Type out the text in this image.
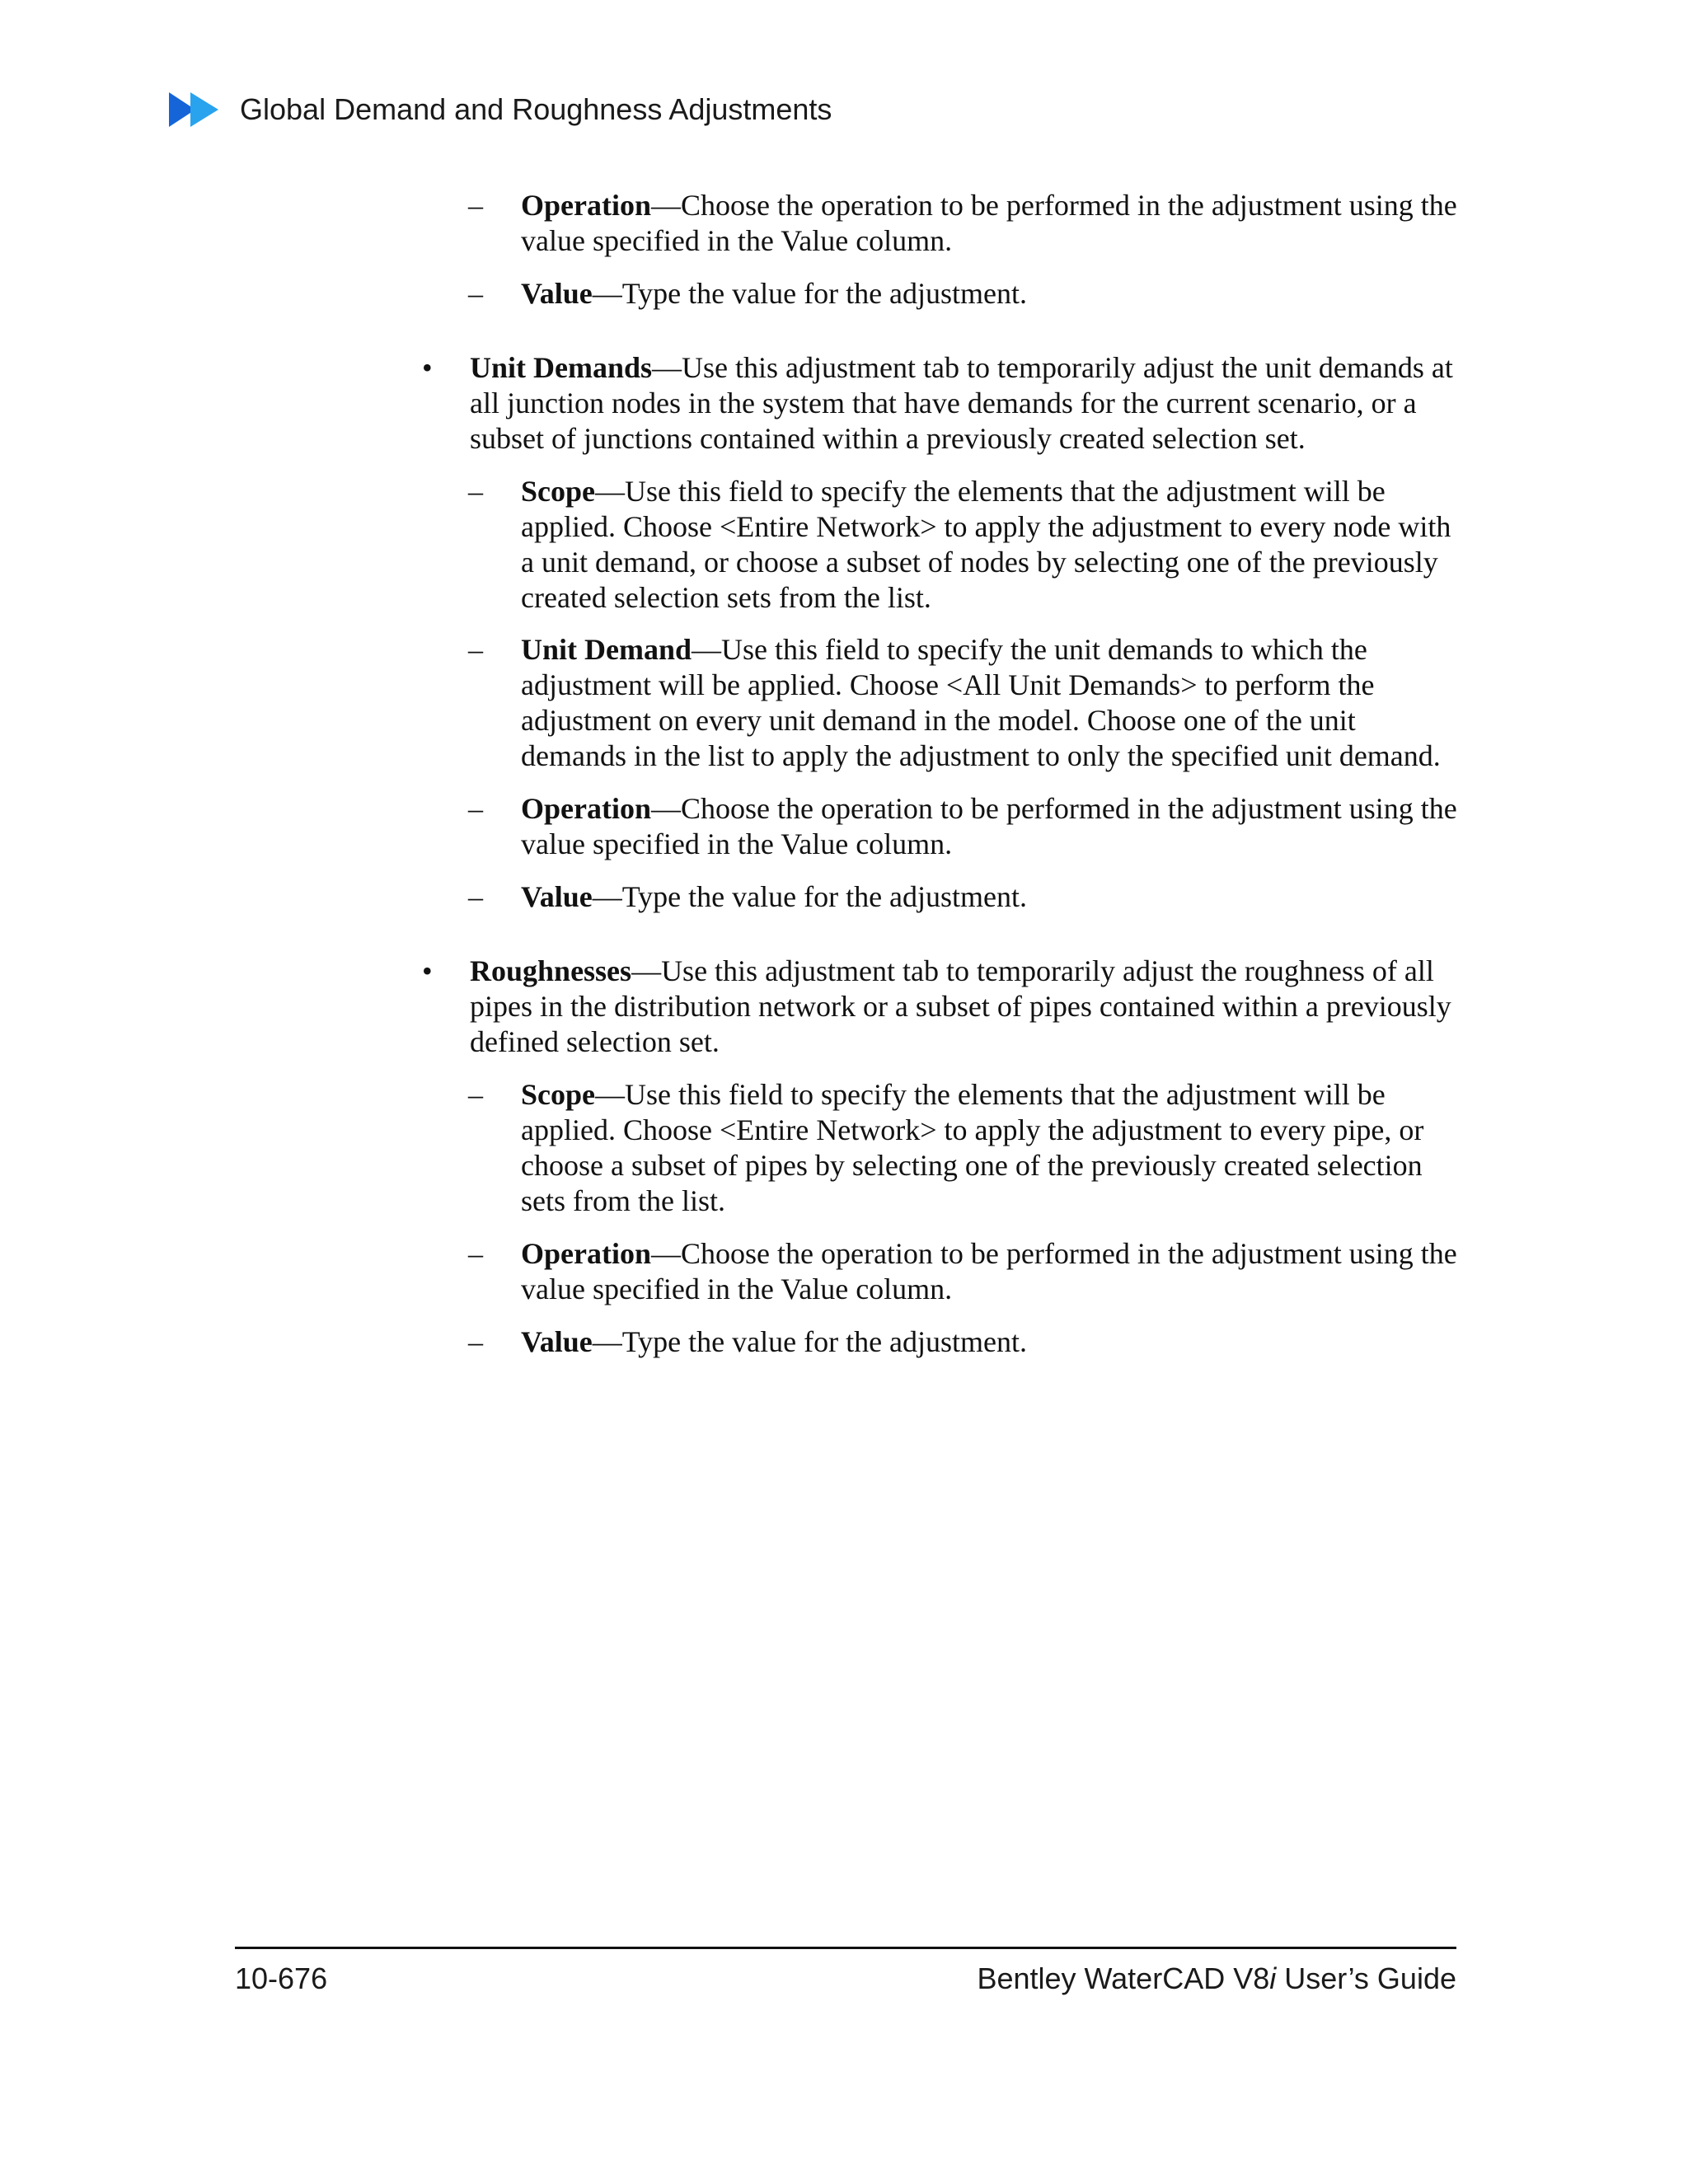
Global Demand and Roughness Adjustments
– Operation—Choose the operation to be performed in the adjustment using the value specified in the Value column.
– Value—Type the value for the adjustment.
• Unit Demands—Use this adjustment tab to temporarily adjust the unit demands at all junction nodes in the system that have demands for the current scenario, or a subset of junctions contained within a previously created selection set.
– Scope—Use this field to specify the elements that the adjustment will be applied. Choose <Entire Network> to apply the adjustment to every node with a unit demand, or choose a subset of nodes by selecting one of the previously created selection sets from the list.
– Unit Demand—Use this field to specify the unit demands to which the adjustment will be applied. Choose <All Unit Demands> to perform the adjustment on every unit demand in the model. Choose one of the unit demands in the list to apply the adjustment to only the specified unit demand.
– Operation—Choose the operation to be performed in the adjustment using the value specified in the Value column.
– Value—Type the value for the adjustment.
• Roughnesses—Use this adjustment tab to temporarily adjust the roughness of all pipes in the distribution network or a subset of pipes contained within a previously defined selection set.
– Scope—Use this field to specify the elements that the adjustment will be applied. Choose <Entire Network> to apply the adjustment to every pipe, or choose a subset of pipes by selecting one of the previously created selection sets from the list.
– Operation—Choose the operation to be performed in the adjustment using the value specified in the Value column.
– Value—Type the value for the adjustment.
10-676	Bentley WaterCAD V8i User’s Guide
